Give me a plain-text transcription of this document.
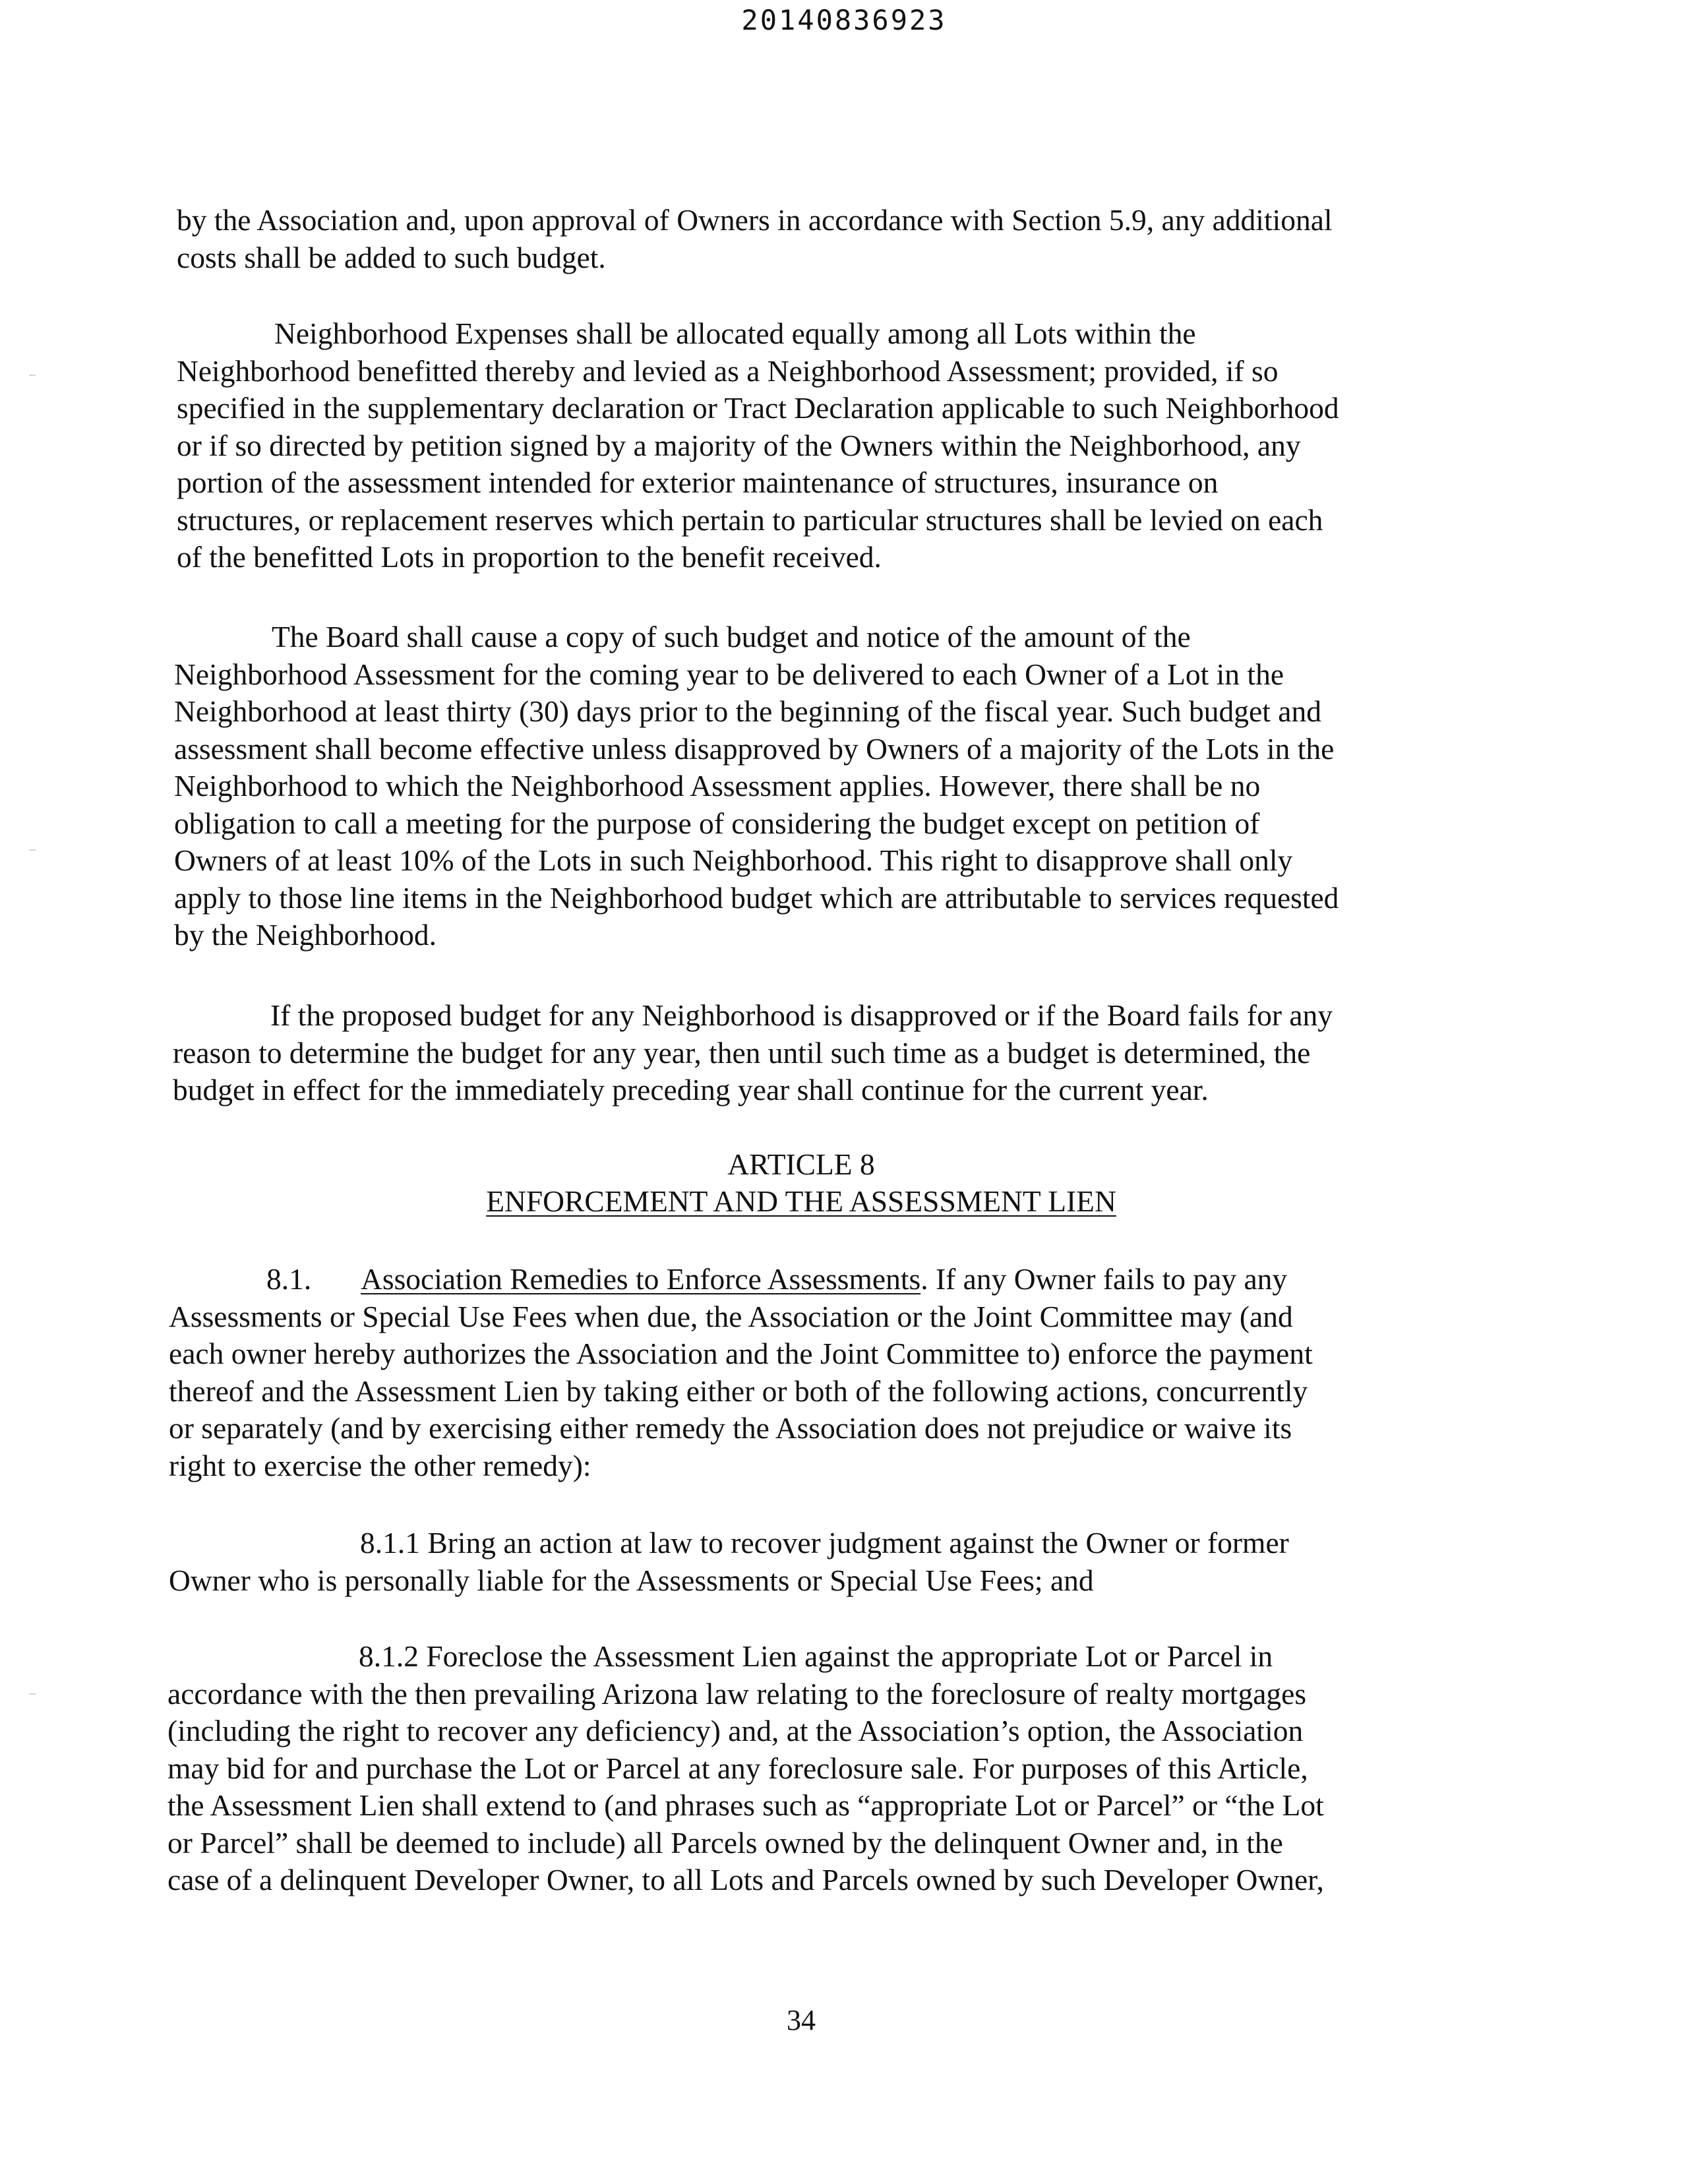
20140836923
by the Association and, upon approval of Owners in accordance with Section 5.9, any additional
costs shall be added to such budget.
Neighborhood Expenses shall be allocated equally among all Lots within the
Neighborhood benefitted thereby and levied as a Neighborhood Assessment; provided, if so
specified in the supplementary declaration or Tract Declaration applicable to such Neighborhood
or if so directed by petition signed by a majority of the Owners within the Neighborhood, any
portion of the assessment intended for exterior maintenance of structures, insurance on
structures, or replacement reserves which pertain to particular structures shall be levied on each
of the benefitted Lots in proportion to the benefit received.
The Board shall cause a copy of such budget and notice of the amount of the
Neighborhood Assessment for the coming year to be delivered to each Owner of a Lot in the
Neighborhood at least thirty (30) days prior to the beginning of the fiscal year. Such budget and
assessment shall become effective unless disapproved by Owners of a majority of the Lots in the
Neighborhood to which the Neighborhood Assessment applies. However, there shall be no
obligation to call a meeting for the purpose of considering the budget except on petition of
Owners of at least 10% of the Lots in such Neighborhood. This right to disapprove shall only
apply to those line items in the Neighborhood budget which are attributable to services requested
by the Neighborhood.
If the proposed budget for any Neighborhood is disapproved or if the Board fails for any
reason to determine the budget for any year, then until such time as a budget is determined, the
budget in effect for the immediately preceding year shall continue for the current year.
ARTICLE 8
ENFORCEMENT AND THE ASSESSMENT LIEN
8.1. Association Remedies to Enforce Assessments. If any Owner fails to pay any
Assessments or Special Use Fees when due, the Association or the Joint Committee may (and
each owner hereby authorizes the Association and the Joint Committee to) enforce the payment
thereof and the Assessment Lien by taking either or both of the following actions, concurrently
or separately (and by exercising either remedy the Association does not prejudice or waive its
right to exercise the other remedy):
8.1.1 Bring an action at law to recover judgment against the Owner or former
Owner who is personally liable for the Assessments or Special Use Fees; and
8.1.2 Foreclose the Assessment Lien against the appropriate Lot or Parcel in
accordance with the then prevailing Arizona law relating to the foreclosure of realty mortgages
(including the right to recover any deficiency) and, at the Association’s option, the Association
may bid for and purchase the Lot or Parcel at any foreclosure sale. For purposes of this Article,
the Assessment Lien shall extend to (and phrases such as “appropriate Lot or Parcel” or “the Lot
or Parcel” shall be deemed to include) all Parcels owned by the delinquent Owner and, in the
case of a delinquent Developer Owner, to all Lots and Parcels owned by such Developer Owner,
34
